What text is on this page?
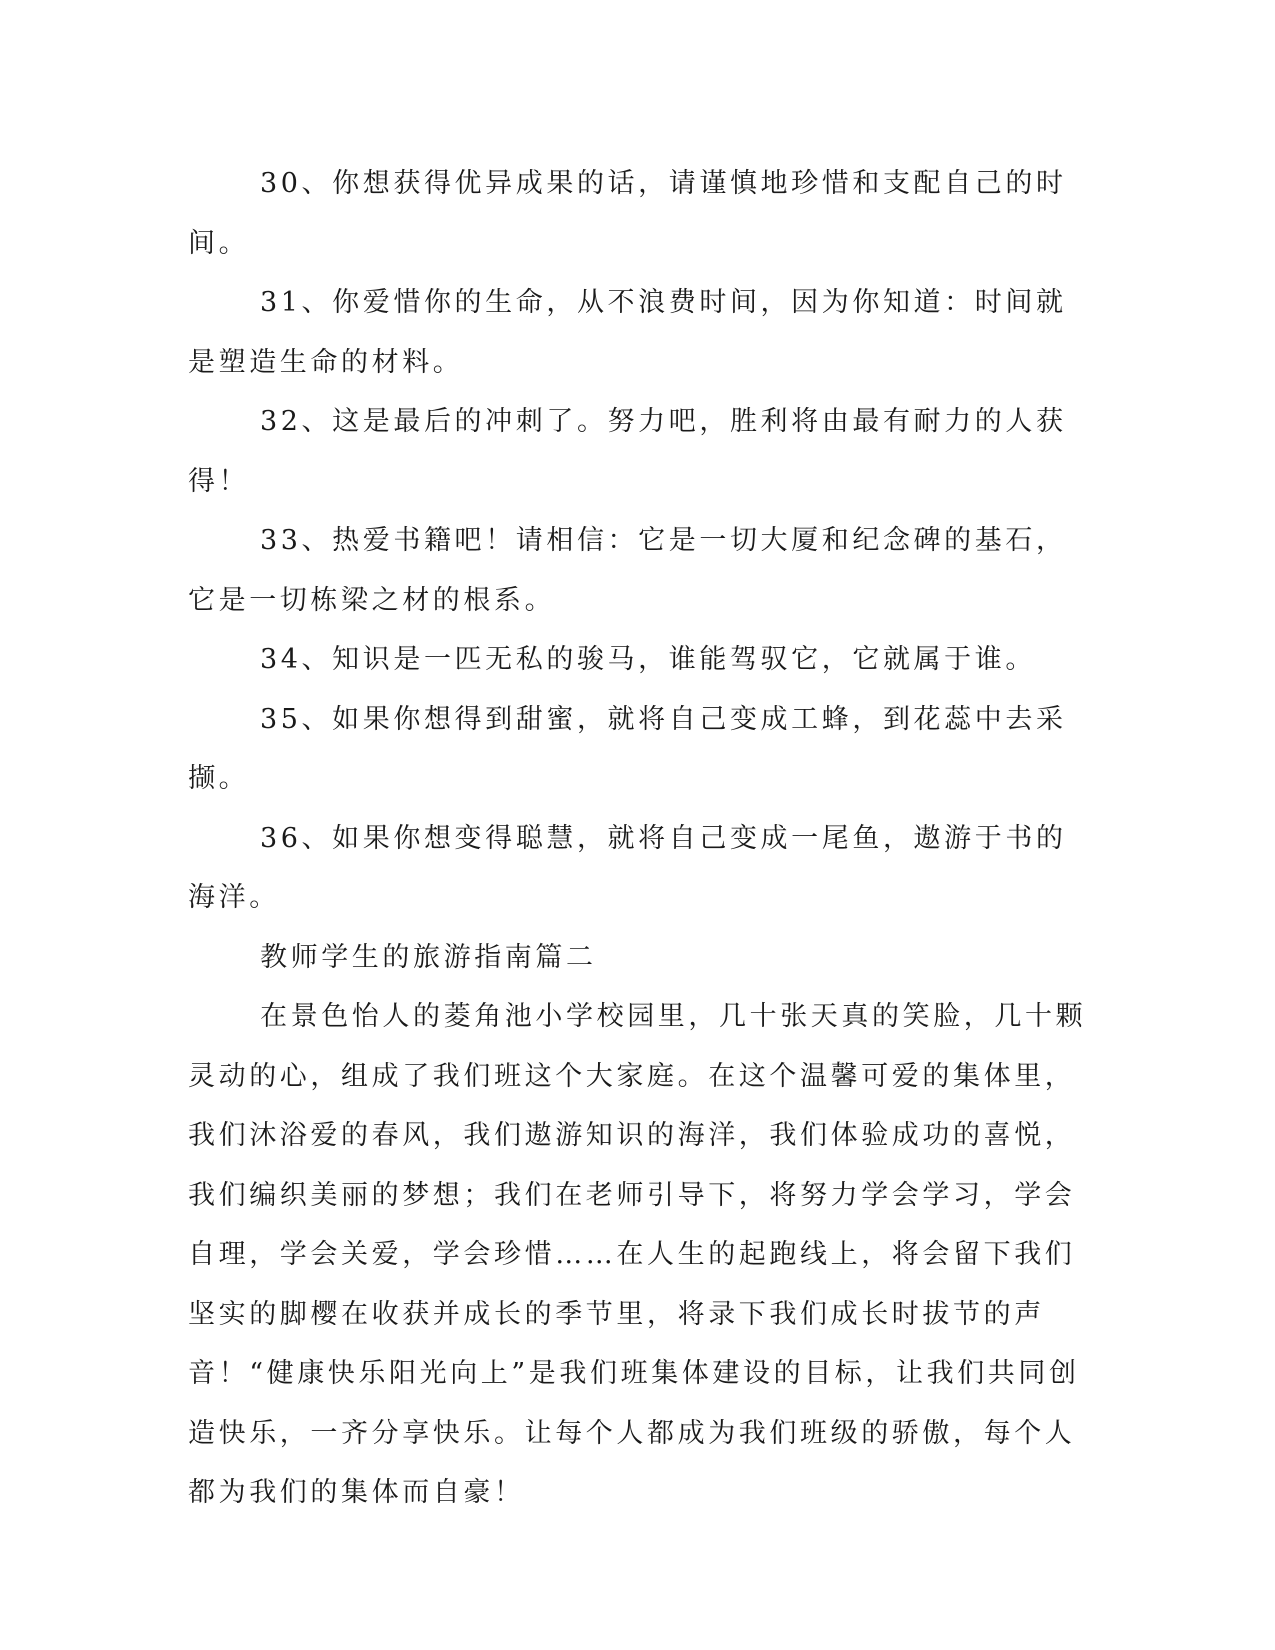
30、你想获得优异成果的话，请谨慎地珍惜和支配自己的时间。

31、你爱惜你的生命，从不浪费时间，因为你知道：时间就是塑造生命的材料。

32、这是最后的冲刺了。努力吧，胜利将由最有耐力的人获得！

33、热爱书籍吧！请相信：它是一切大厦和纪念碑的基石，它是一切栋梁之材的根系。

34、知识是一匹无私的骏马，谁能驾驭它，它就属于谁。

35、如果你想得到甜蜜，就将自己变成工蜂，到花蕊中去采撷。

36、如果你想变得聪慧，就将自己变成一尾鱼，遨游于书的海洋。

教师学生的旅游指南篇二

在景色怡人的菱角池小学校园里，几十张天真的笑脸，几十颗灵动的心，组成了我们班这个大家庭。在这个温馨可爱的集体里，我们沐浴爱的春风，我们遨游知识的海洋，我们体验成功的喜悦，我们编织美丽的梦想；我们在老师引导下，将努力学会学习，学会自理，学会关爱，学会珍惜……在人生的起跑线上，将会留下我们坚实的脚樱在收获并成长的季节里，将录下我们成长时拔节的声音！“健康快乐阳光向上”是我们班集体建设的目标，让我们共同创造快乐，一齐分享快乐。让每个人都成为我们班级的骄傲，每个人都为我们的集体而自豪！
